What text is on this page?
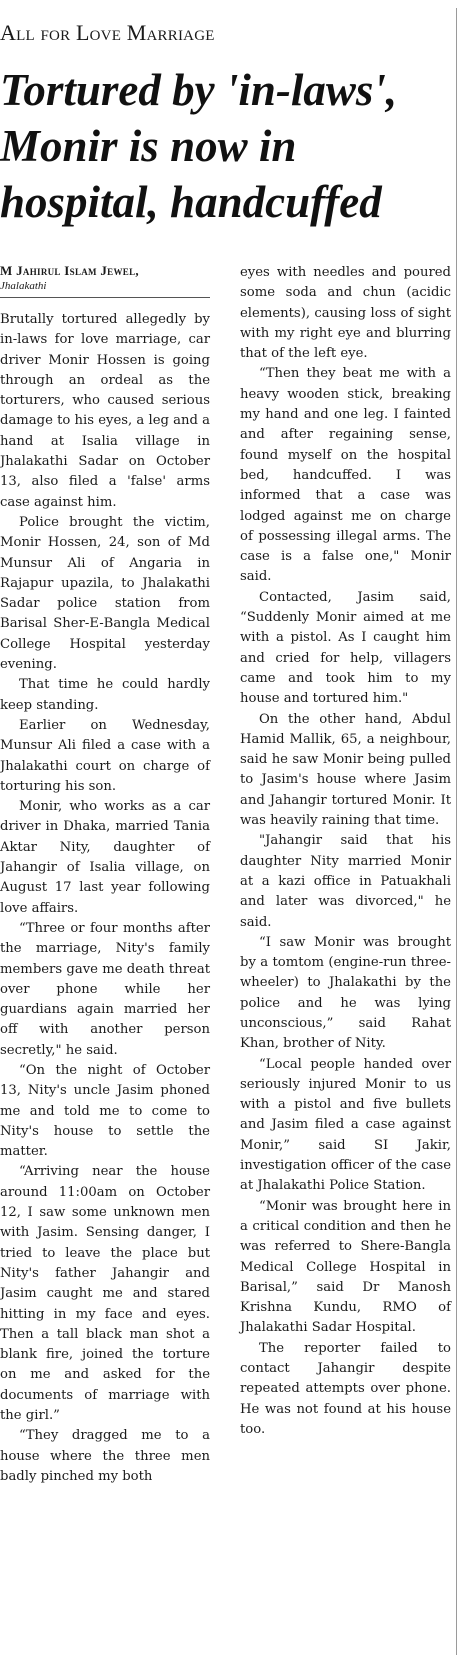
All for Love Marriage
Tortured by 'in-laws', Monir is now in hospital, handcuffed
M Jahirul Islam Jewel,
Jhalakathi

Brutally tortured allegedly by in-laws for love marriage, car driver Monir Hossen is going through an ordeal as the torturers, who caused serious damage to his eyes, a leg and a hand at Isalia village in Jhalakathi Sadar on October 13, also filed a 'false' arms case against him.

Police brought the victim, Monir Hossen, 24, son of Md Munsur Ali of Angaria in Rajapur upazila, to Jhalakathi Sadar police station from Barisal Sher-E-Bangla Medical College Hospital yesterday evening.

That time he could hardly keep standing.

Earlier on Wednesday, Munsur Ali filed a case with a Jhalakathi court on charge of torturing his son.

Monir, who works as a car driver in Dhaka, married Tania Aktar Nity, daughter of Jahangir of Isalia village, on August 17 last year following love affairs.

“Three or four months after the marriage, Nity's family members gave me death threat over phone while her guardians again married her off with another person secretly," he said.

“On the night of October 13, Nity's uncle Jasim phoned me and told me to come to Nity's house to settle the matter.

“Arriving near the house around 11:00am on October 12, I saw some unknown men with Jasim. Sensing danger, I tried to leave the place but Nity's father Jahangir and Jasim caught me and stared hitting in my face and eyes. Then a tall black man shot a blank fire, joined the torture on me and asked for the documents of marriage with the girl.”

“They dragged me to a house where the three men badly pinched my both

eyes with needles and poured some soda and chun (acidic elements), causing loss of sight with my right eye and blurring that of the left eye.

“Then they beat me with a heavy wooden stick, breaking my hand and one leg. I fainted and after regaining sense, found myself on the hospital bed, handcuffed. I was informed that a case was lodged against me on charge of possessing illegal arms. The case is a false one," Monir said.

Contacted, Jasim said, “Suddenly Monir aimed at me with a pistol. As I caught him and cried for help, villagers came and took him to my house and tortured him."

On the other hand, Abdul Hamid Mallik, 65, a neighbour, said he saw Monir being pulled to Jasim's house where Jasim and Jahangir tortured Monir. It was heavily raining that time.

"Jahangir said that his daughter Nity married Monir at a kazi office in Patuakhali and later was divorced," he said.

“I saw Monir was brought by a tomtom (engine-run three-wheeler) to Jhalakathi by the police and he was lying unconscious,” said Rahat Khan, brother of Nity.

“Local people handed over seriously injured Monir to us with a pistol and five bullets and Jasim filed a case against Monir,” said SI Jakir, investigation officer of the case at Jhalakathi Police Station.

“Monir was brought here in a critical condition and then he was referred to Shere-Bangla Medical College Hospital in Barisal,” said Dr Manosh Krishna Kundu, RMO of Jhalakathi Sadar Hospital.

The reporter failed to contact Jahangir despite repeated attempts over phone. He was not found at his house too.
